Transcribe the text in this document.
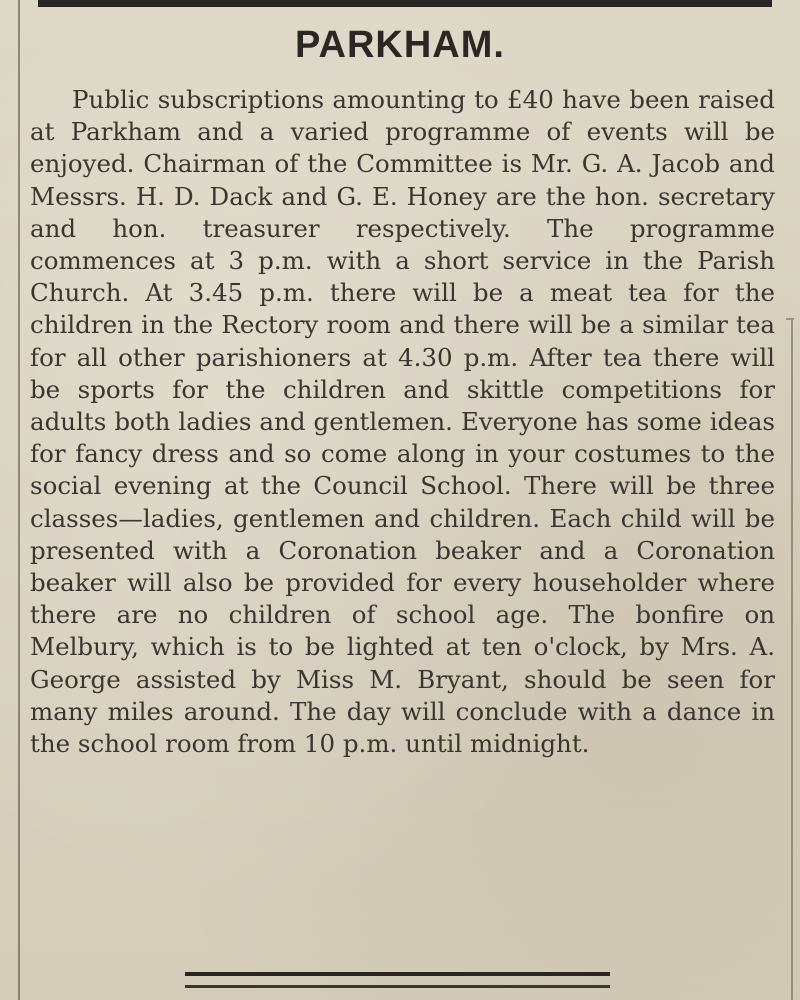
PARKHAM.

Public subscriptions amounting to £40 have been raised at Parkham and a varied programme of events will be enjoyed. Chairman of the Committee is Mr. G. A. Jacob and Messrs. H. D. Dack and G. E. Honey are the hon. secretary and hon. treasurer respectively. The programme commences at 3 p.m. with a short service in the Parish Church. At 3.45 p.m. there will be a meat tea for the children in the Rectory room and there will be a similar tea for all other parishioners at 4.30 p.m. After tea there will be sports for the children and skittle competitions for adults both ladies and gentlemen. Everyone has some ideas for fancy dress and so come along in your costumes to the social evening at the Council School. There will be three classes—ladies, gentlemen and children. Each child will be presented with a Coronation beaker and a Coronation beaker will also be provided for every householder where there are no children of school age. The bonfire on Melbury, which is to be lighted at ten o'clock, by Mrs. A. George assisted by Miss M. Bryant, should be seen for many miles around. The day will conclude with a dance in the school room from 10 p.m. until midnight.
